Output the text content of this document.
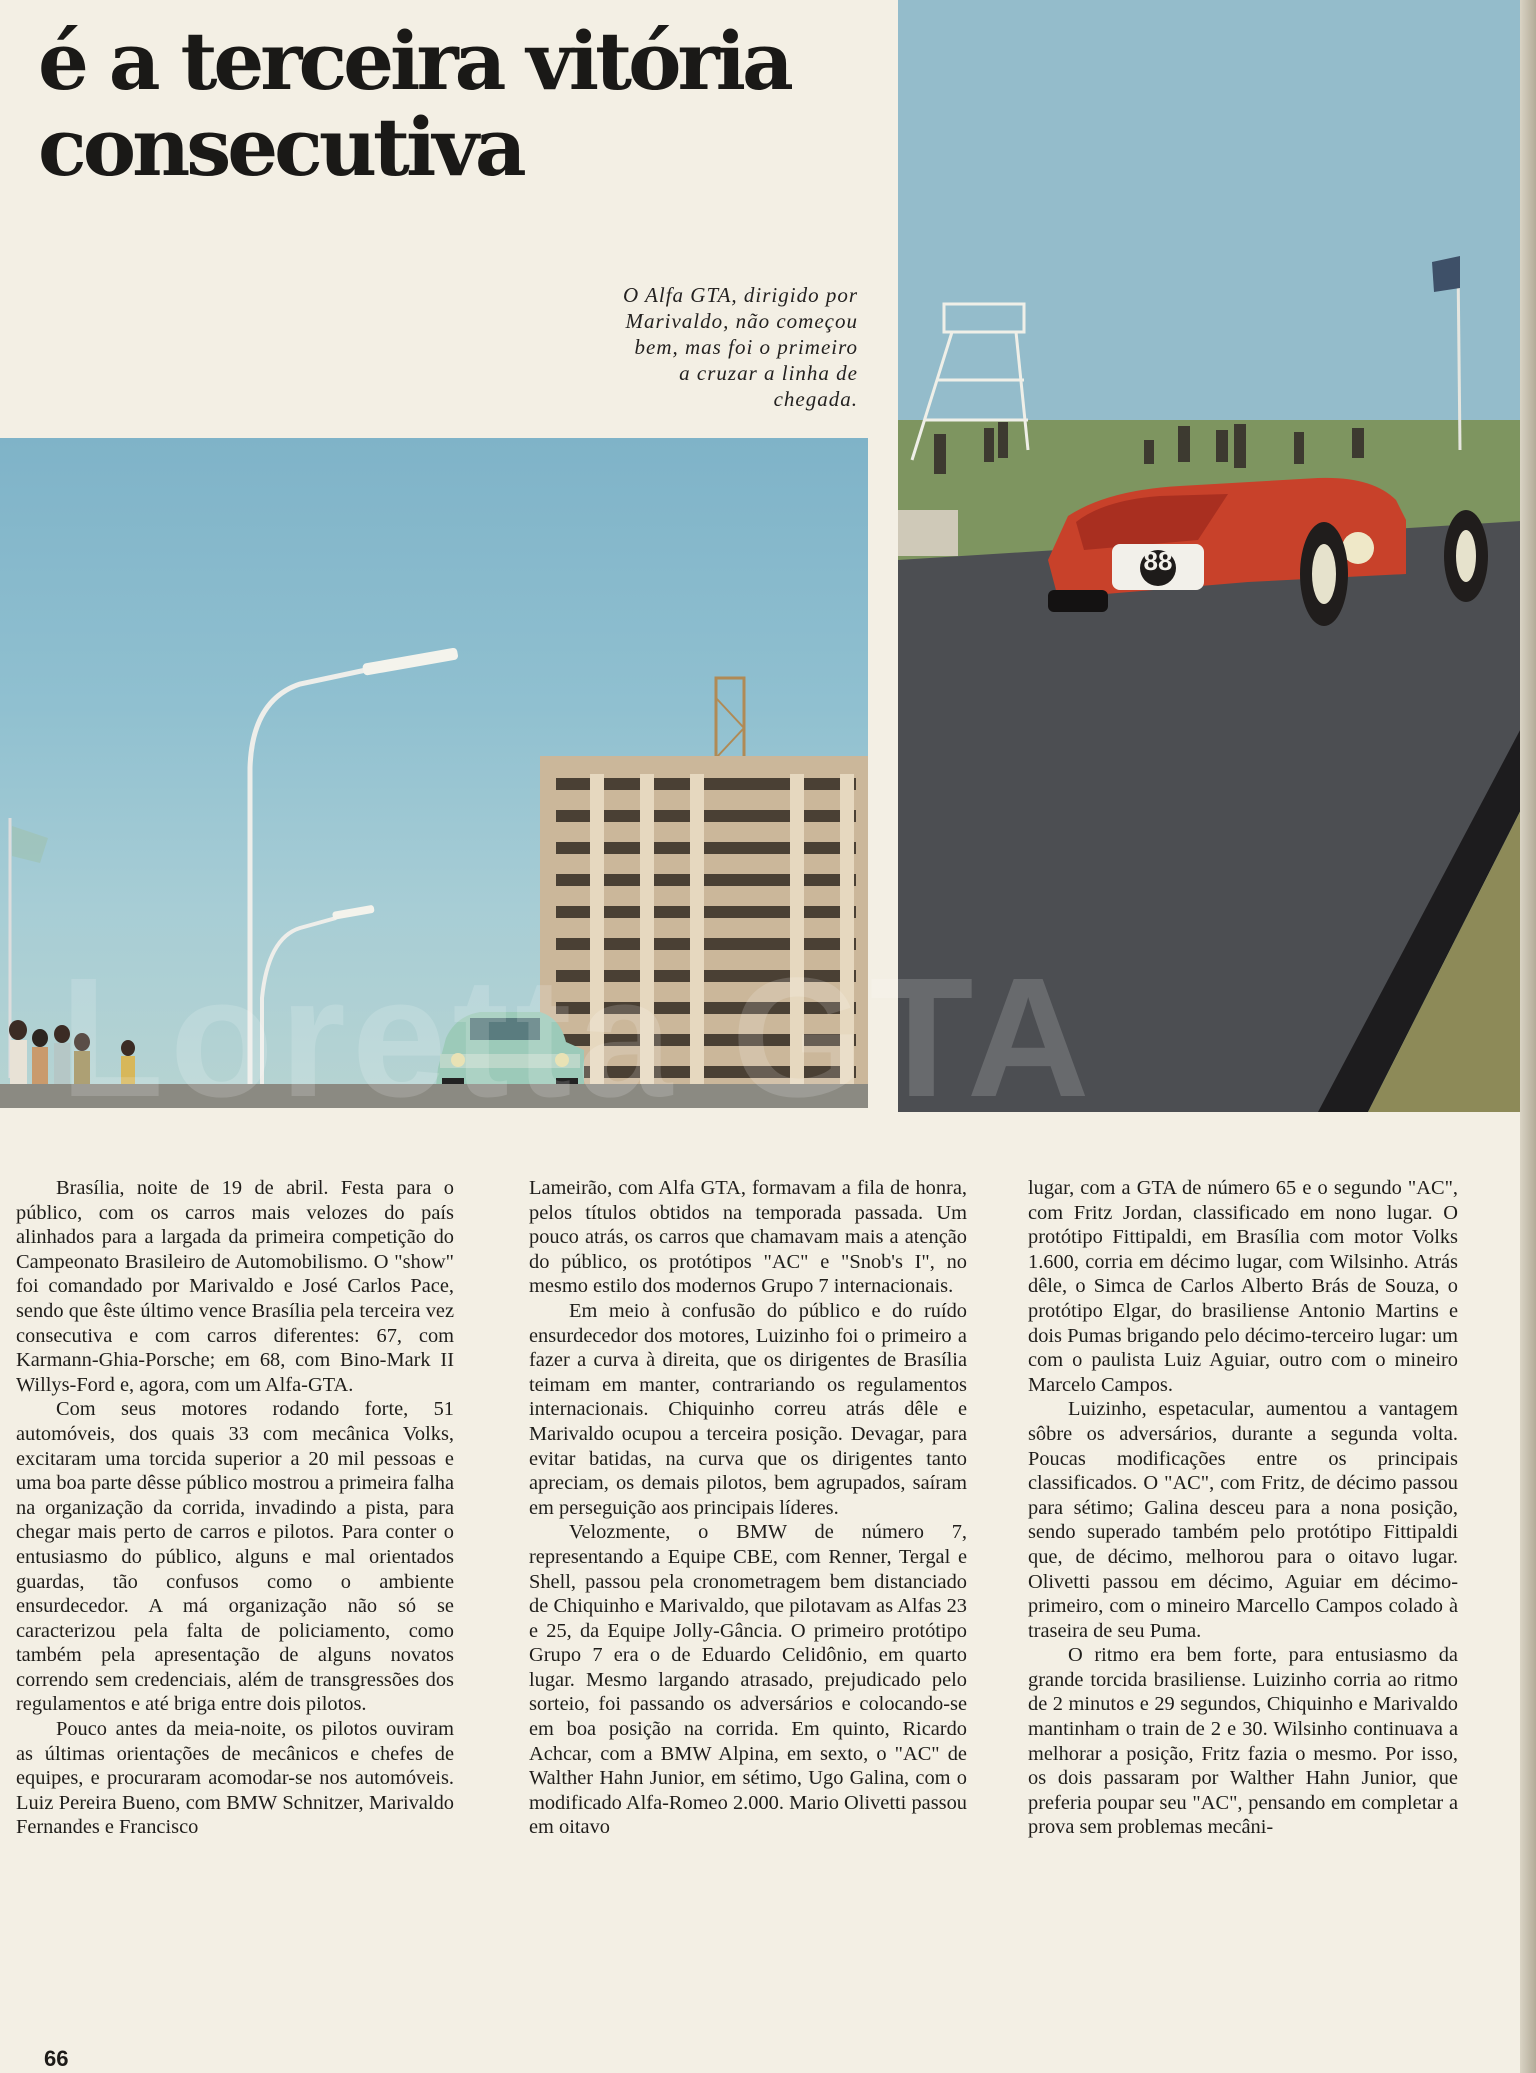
é a terceira vitória
consecutiva
O Alfa GTA, dirigido por
Marivaldo, não começou
bem, mas foi o primeiro
a cruzar a linha de
chegada.
88
Loretta GTA

Brasília, noite de 19 de abril. Festa para o público, com os carros mais velozes do país alinhados para a largada da primeira competição do Campeonato Brasileiro de Automobilismo. O "show" foi comandado por Marivaldo e José Carlos Pace, sendo que êste último vence Brasília pela terceira vez consecutiva e com carros diferentes: 67, com Karmann-Ghia-Porsche; em 68, com Bino-Mark II Willys-Ford e, agora, com um Alfa-GTA.

Com seus motores rodando forte, 51 automóveis, dos quais 33 com mecânica Volks, excitaram uma torcida superior a 20 mil pessoas e uma boa parte dêsse público mostrou a primeira falha na organização da corrida, invadindo a pista, para chegar mais perto de carros e pilotos. Para conter o entusiasmo do público, alguns e mal orientados guardas, tão confusos como o ambiente ensurdecedor. A má organização não só se caracterizou pela falta de policiamento, como também pela apresentação de alguns novatos correndo sem credenciais, além de transgressões dos regulamentos e até briga entre dois pilotos.

Pouco antes da meia-noite, os pilotos ouviram as últimas orientações de mecânicos e chefes de equipes, e procuraram acomodar-se nos automóveis. Luiz Pereira Bueno, com BMW Schnitzer, Marivaldo Fernandes e Francisco

Lameirão, com Alfa GTA, formavam a fila de honra, pelos títulos obtidos na temporada passada. Um pouco atrás, os carros que chamavam mais a atenção do público, os protótipos "AC" e "Snob's I", no mesmo estilo dos modernos Grupo 7 internacionais.

Em meio à confusão do público e do ruído ensurdecedor dos motores, Luizinho foi o primeiro a fazer a curva à direita, que os dirigentes de Brasília teimam em manter, contrariando os regulamentos internacionais. Chiquinho correu atrás dêle e Marivaldo ocupou a terceira posição. Devagar, para evitar batidas, na curva que os dirigentes tanto apreciam, os demais pilotos, bem agrupados, saíram em perseguição aos principais líderes.

Velozmente, o BMW de número 7, representando a Equipe CBE, com Renner, Tergal e Shell, passou pela cronometragem bem distanciado de Chiquinho e Marivaldo, que pilotavam as Alfas 23 e 25, da Equipe Jolly-Gância. O primeiro protótipo Grupo 7 era o de Eduardo Celidônio, em quarto lugar. Mesmo largando atrasado, prejudicado pelo sorteio, foi passando os adversários e colocando-se em boa posição na corrida. Em quinto, Ricardo Achcar, com a BMW Alpina, em sexto, o "AC" de Walther Hahn Junior, em sétimo, Ugo Galina, com o modificado Alfa-Romeo 2.000. Mario Olivetti passou em oitavo

lugar, com a GTA de número 65 e o segundo "AC", com Fritz Jordan, classificado em nono lugar. O protótipo Fittipaldi, em Brasília com motor Volks 1.600, corria em décimo lugar, com Wilsinho. Atrás dêle, o Simca de Carlos Alberto Brás de Souza, o protótipo Elgar, do brasiliense Antonio Martins e dois Pumas brigando pelo décimo-terceiro lugar: um com o paulista Luiz Aguiar, outro com o mineiro Marcelo Campos.

Luizinho, espetacular, aumentou a vantagem sôbre os adversários, durante a segunda volta. Poucas modificações entre os principais classificados. O "AC", com Fritz, de décimo passou para sétimo; Galina desceu para a nona posição, sendo superado também pelo protótipo Fittipaldi que, de décimo, melhorou para o oitavo lugar. Olivetti passou em décimo, Aguiar em décimo-primeiro, com o mineiro Marcello Campos colado à traseira de seu Puma.

O ritmo era bem forte, para entusiasmo da grande torcida brasiliense. Luizinho corria ao ritmo de 2 minutos e 29 segundos, Chiquinho e Marivaldo mantinham o train de 2 e 30. Wilsinho continuava a melhorar a posição, Fritz fazia o mesmo. Por isso, os dois passaram por Walther Hahn Junior, que preferia poupar seu "AC", pensando em completar a prova sem problemas mecâni-

66
